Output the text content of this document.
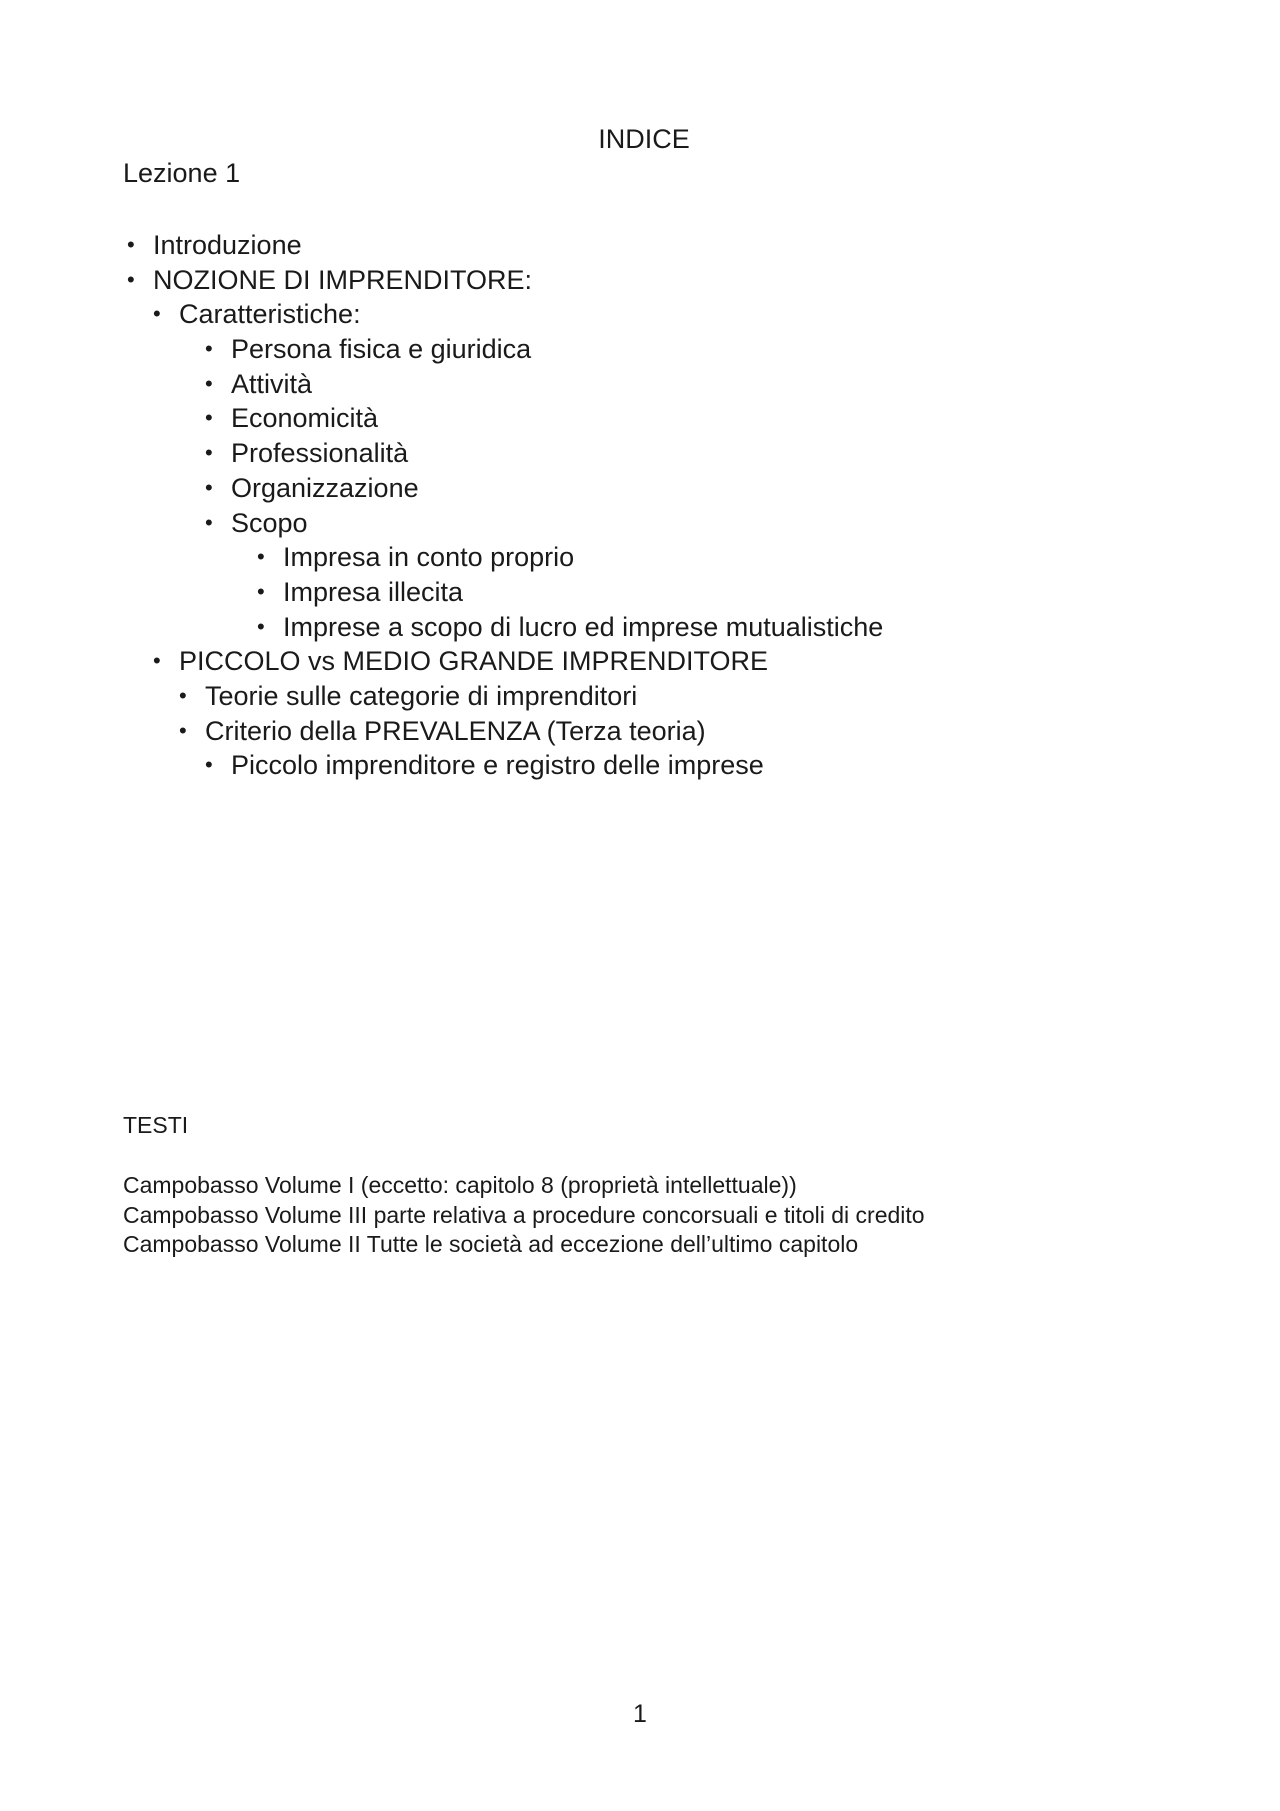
INDICE
Lezione 1
• Introduzione
• NOZIONE DI IMPRENDITORE:
• Caratteristiche:
• Persona fisica e giuridica
• Attività
• Economicità
• Professionalità
• Organizzazione
• Scopo
• Impresa in conto proprio
• Impresa illecita
• Imprese a scopo di lucro ed imprese mutualistiche
• PICCOLO vs MEDIO GRANDE IMPRENDITORE
• Teorie sulle categorie di imprenditori
• Criterio della PREVALENZA (Terza teoria)
• Piccolo imprenditore e registro delle imprese
TESTI
Campobasso Volume I (eccetto: capitolo 8 (proprietà intellettuale))
Campobasso Volume III parte relativa a procedure concorsuali e titoli di credito
Campobasso Volume II Tutte le società ad eccezione dell’ultimo capitolo
1
